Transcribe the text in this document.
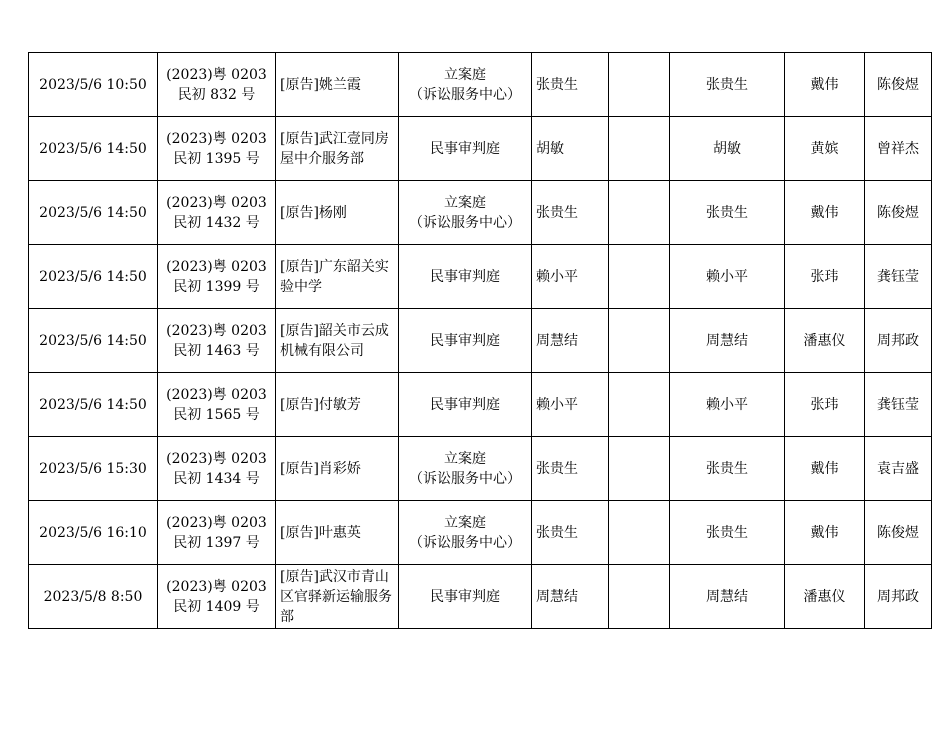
2023/5/6 10:50	(2023)粤 0203
民初 832 号	[原告]姚兰霞	立案庭
（诉讼服务中心）	张贵生		张贵生	戴伟	陈俊煜
2023/5/6 14:50	(2023)粤 0203
民初 1395 号	[原告]武江壹同房屋中介服务部	民事审判庭	胡敏		胡敏	黄嫔	曾祥杰
2023/5/6 14:50	(2023)粤 0203
民初 1432 号	[原告]杨刚	立案庭
（诉讼服务中心）	张贵生		张贵生	戴伟	陈俊煜
2023/5/6 14:50	(2023)粤 0203
民初 1399 号	[原告]广东韶关实验中学	民事审判庭	赖小平		赖小平	张玮	龚钰莹
2023/5/6 14:50	(2023)粤 0203
民初 1463 号	[原告]韶关市云成机械有限公司	民事审判庭	周慧结		周慧结	潘惠仪	周邦政
2023/5/6 14:50	(2023)粤 0203
民初 1565 号	[原告]付敏芳	民事审判庭	赖小平		赖小平	张玮	龚钰莹
2023/5/6 15:30	(2023)粤 0203
民初 1434 号	[原告]肖彩娇	立案庭
（诉讼服务中心）	张贵生		张贵生	戴伟	袁吉盛
2023/5/6 16:10	(2023)粤 0203
民初 1397 号	[原告]叶惠英	立案庭
（诉讼服务中心）	张贵生		张贵生	戴伟	陈俊煜
2023/5/8 8:50	(2023)粤 0203
民初 1409 号	[原告]武汉市青山区官驿新运输服务部	民事审判庭	周慧结		周慧结	潘惠仪	周邦政
